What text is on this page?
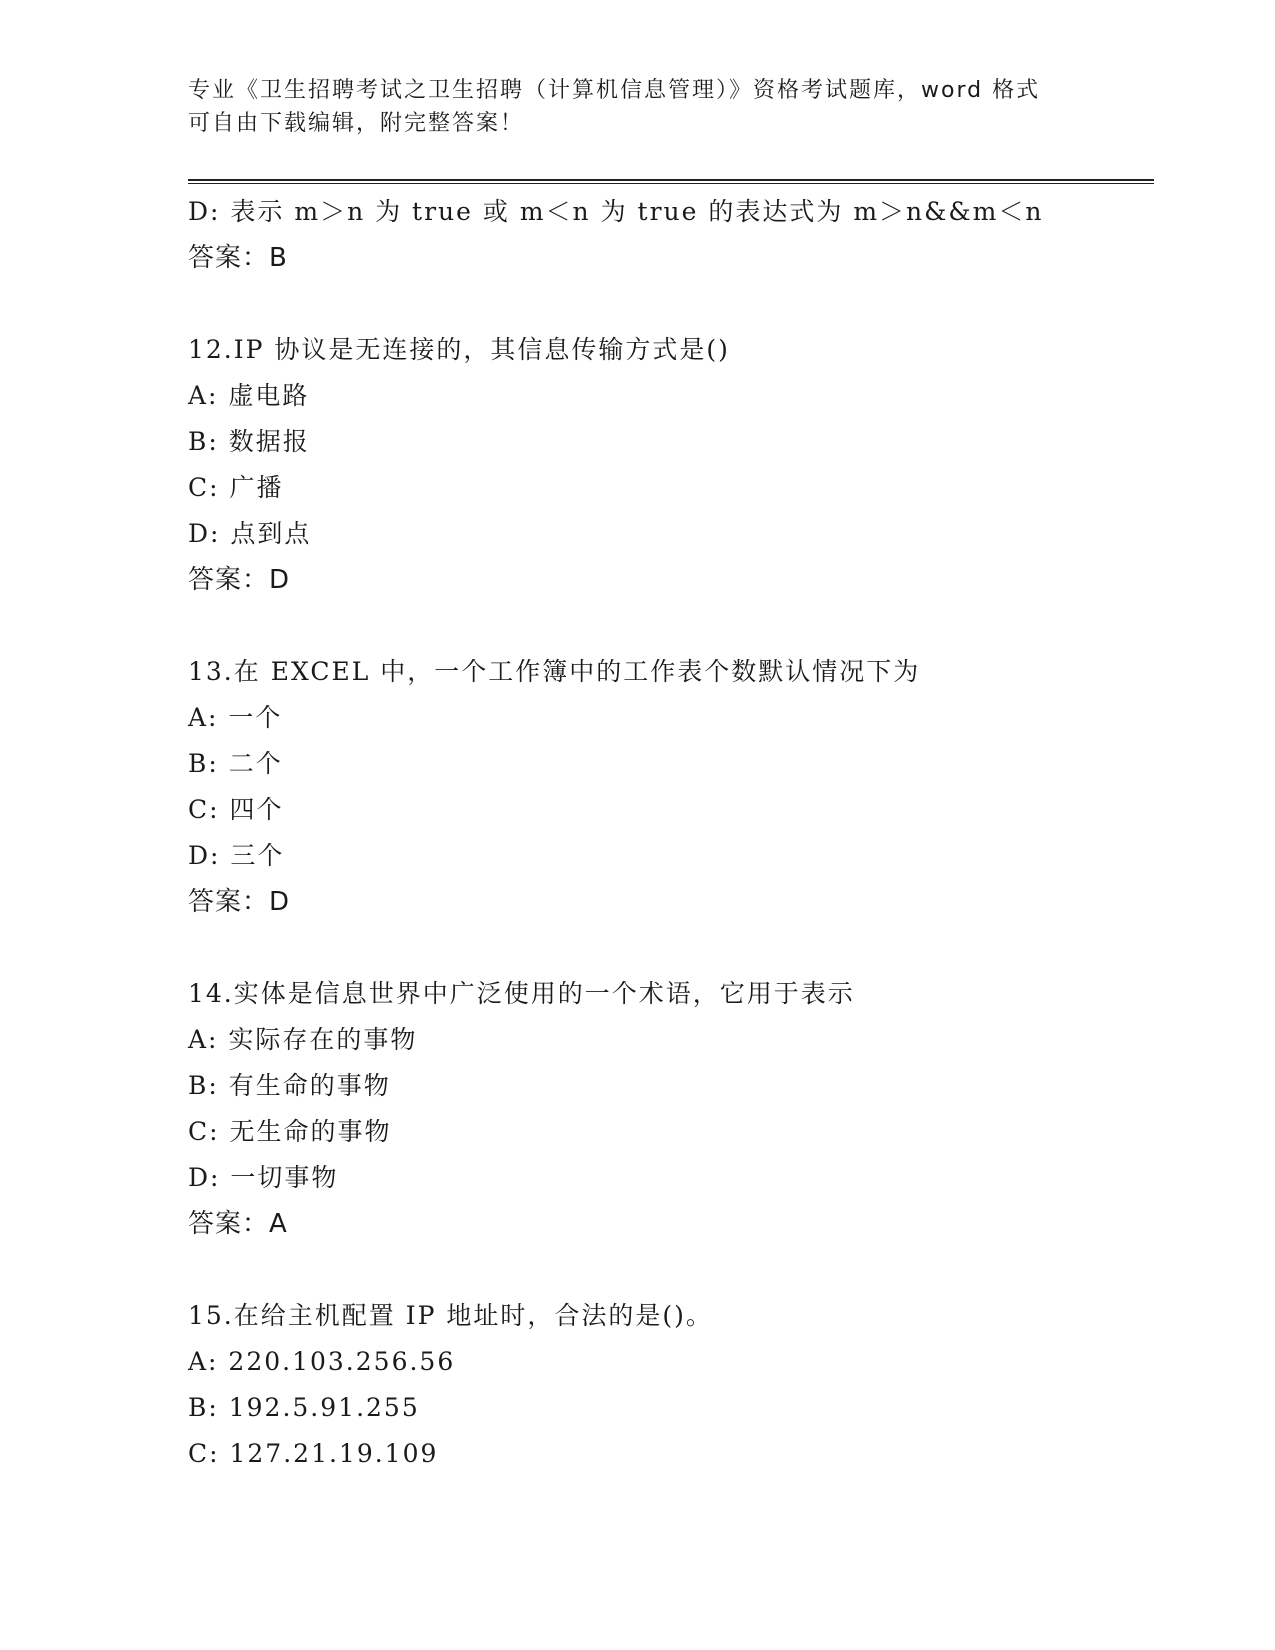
专业《卫生招聘考试之卫生招聘（计算机信息管理）》资格考试题库，word 格式

可自由下载编辑，附完整答案！

D: 表示 m＞n 为 true 或 m＜n 为 true 的表达式为 m＞n&&m＜n
答案：B
12.IP 协议是无连接的，其信息传输方式是()
A: 虚电路
B: 数据报
C: 广播
D: 点到点
答案：D
13.在 EXCEL 中，一个工作簿中的工作表个数默认情况下为
A: 一个
B: 二个
C: 四个
D: 三个
答案：D
14.实体是信息世界中广泛使用的一个术语，它用于表示
A: 实际存在的事物
B: 有生命的事物
C: 无生命的事物
D: 一切事物
答案：A
15.在给主机配置 IP 地址时，合法的是()。
A: 220.103.256.56
B: 192.5.91.255
C: 127.21.19.109
